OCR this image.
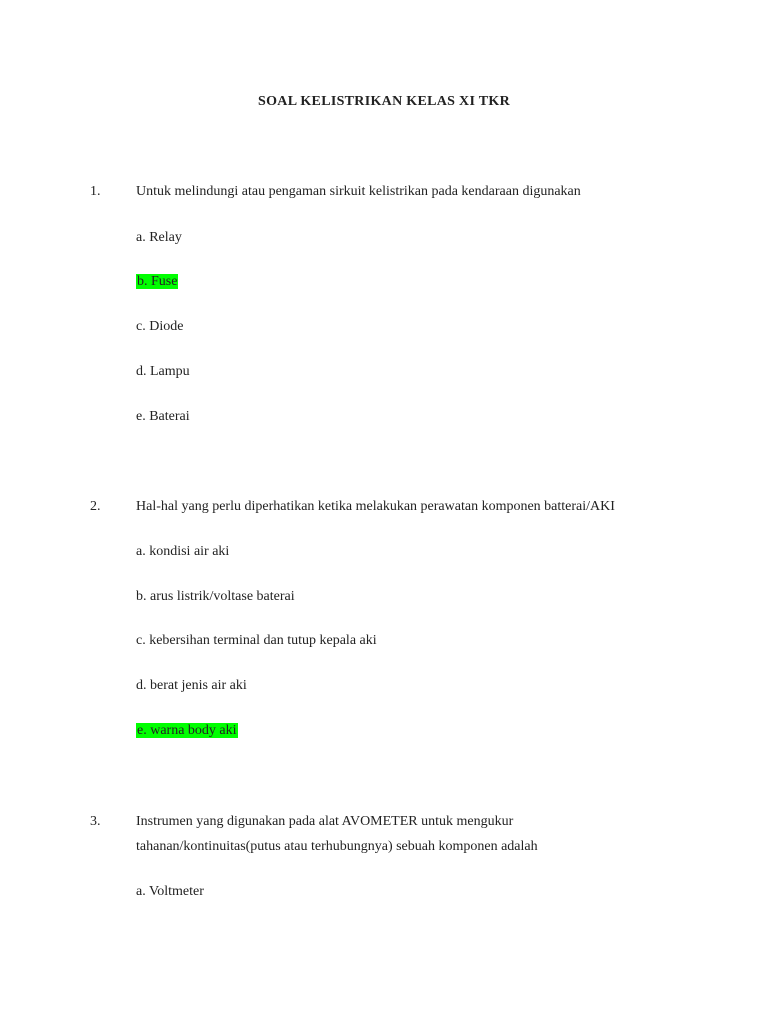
SOAL KELISTRIKAN KELAS XI TKR
1.	Untuk melindungi atau pengaman sirkuit kelistrikan pada kendaraan digunakan
a. Relay
b. Fuse
c. Diode
d. Lampu
e. Baterai
2.	Hal-hal yang perlu diperhatikan ketika melakukan perawatan komponen batterai/AKI
a. kondisi air aki
b. arus listrik/voltase baterai
c. kebersihan terminal dan tutup kepala aki
d. berat jenis air aki
e. warna body aki
3.	Instrumen yang digunakan pada alat AVOMETER untuk mengukur
tahanan/kontinuitas(putus atau terhubungnya) sebuah komponen adalah
a. Voltmeter
